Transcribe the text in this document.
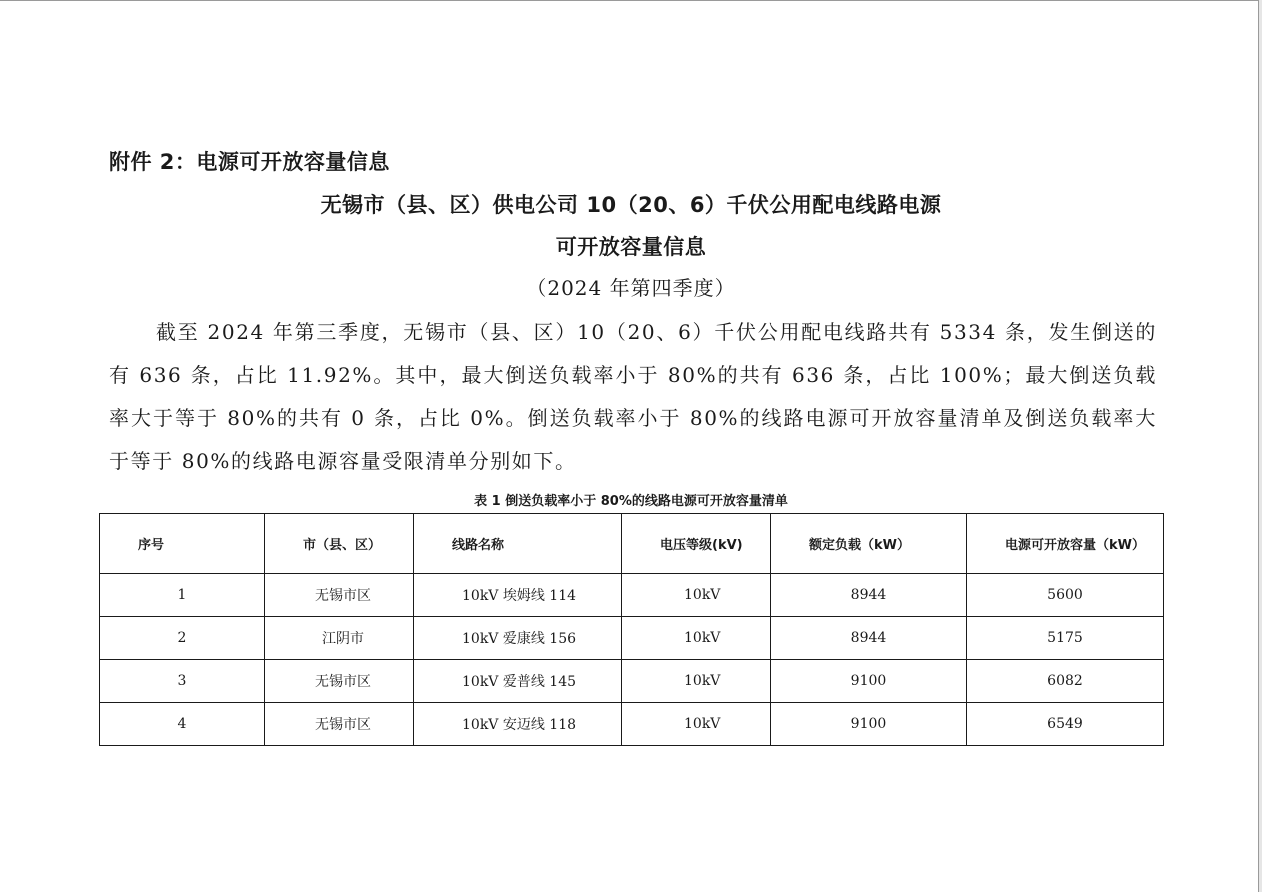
附件 2：电源可开放容量信息
无锡市（县、区）供电公司 10（20、6）千伏公用配电线路电源
可开放容量信息
（2024 年第四季度）

截至 2024 年第三季度，无锡市（县、区）10（20、6）千伏公用配电线路共有 5334 条，发生倒送的有 636 条，占比 11.92%。其中，最大倒送负载率小于 80%的共有 636 条，占比 100%；最大倒送负载率大于等于 80%的共有 0 条，占比 0%。倒送负载率小于 80%的线路电源可开放容量清单及倒送负载率大于等于 80%的线路电源容量受限清单分别如下。

表 1 倒送负载率小于 80%的线路电源可开放容量清单
序号	市（县、区）	线路名称	电压等级(kV)	额定负载（kW）	电源可开放容量（kW）
1	无锡市区	10kV 埃姆线 114	10kV	8944	5600
2	江阴市	10kV 爱康线 156	10kV	8944	5175
3	无锡市区	10kV 爱普线 145	10kV	9100	6082
4	无锡市区	10kV 安迈线 118	10kV	9100	6549
